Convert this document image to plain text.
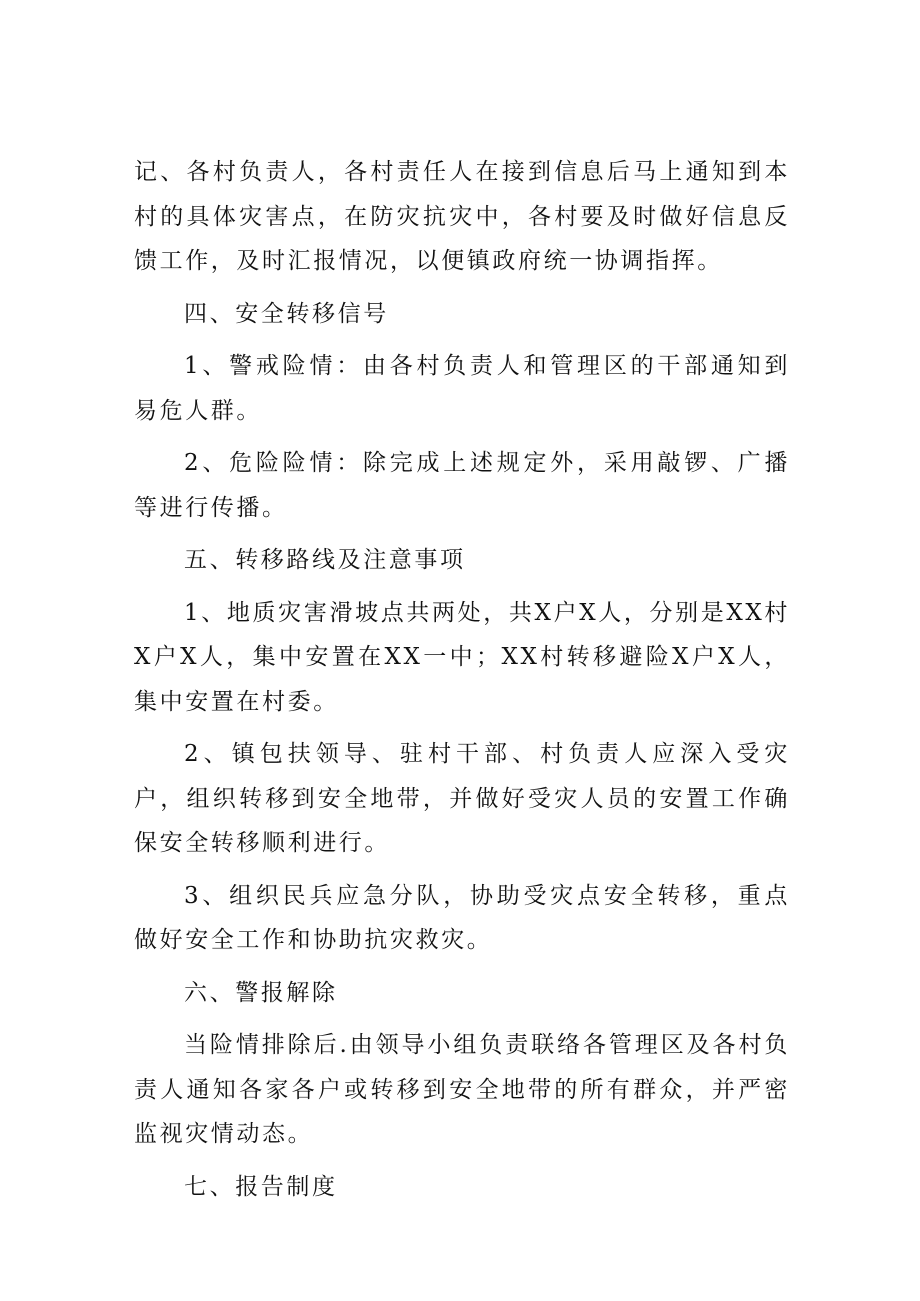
记、各村负责人，各村责任人在接到信息后马上通知到本村的具体灾害点，在防灾抗灾中，各村要及时做好信息反馈工作，及时汇报情况，以便镇政府统一协调指挥。

四、安全转移信号

1、警戒险情：由各村负责人和管理区的干部通知到易危人群。

2、危险险情：除完成上述规定外，采用敲锣、广播等进行传播。

五、转移路线及注意事项

1、地质灾害滑坡点共两处，共X户X人，分别是XX村X户X人，集中安置在XX一中；XX村转移避险X户X人，集中安置在村委。

2、镇包扶领导、驻村干部、村负责人应深入受灾户，组织转移到安全地带，并做好受灾人员的安置工作确保安全转移顺利进行。

3、组织民兵应急分队，协助受灾点安全转移，重点做好安全工作和协助抗灾救灾。

六、警报解除

当险情排除后.由领导小组负责联络各管理区及各村负责人通知各家各户或转移到安全地带的所有群众，并严密监视灾情动态。

七、报告制度
